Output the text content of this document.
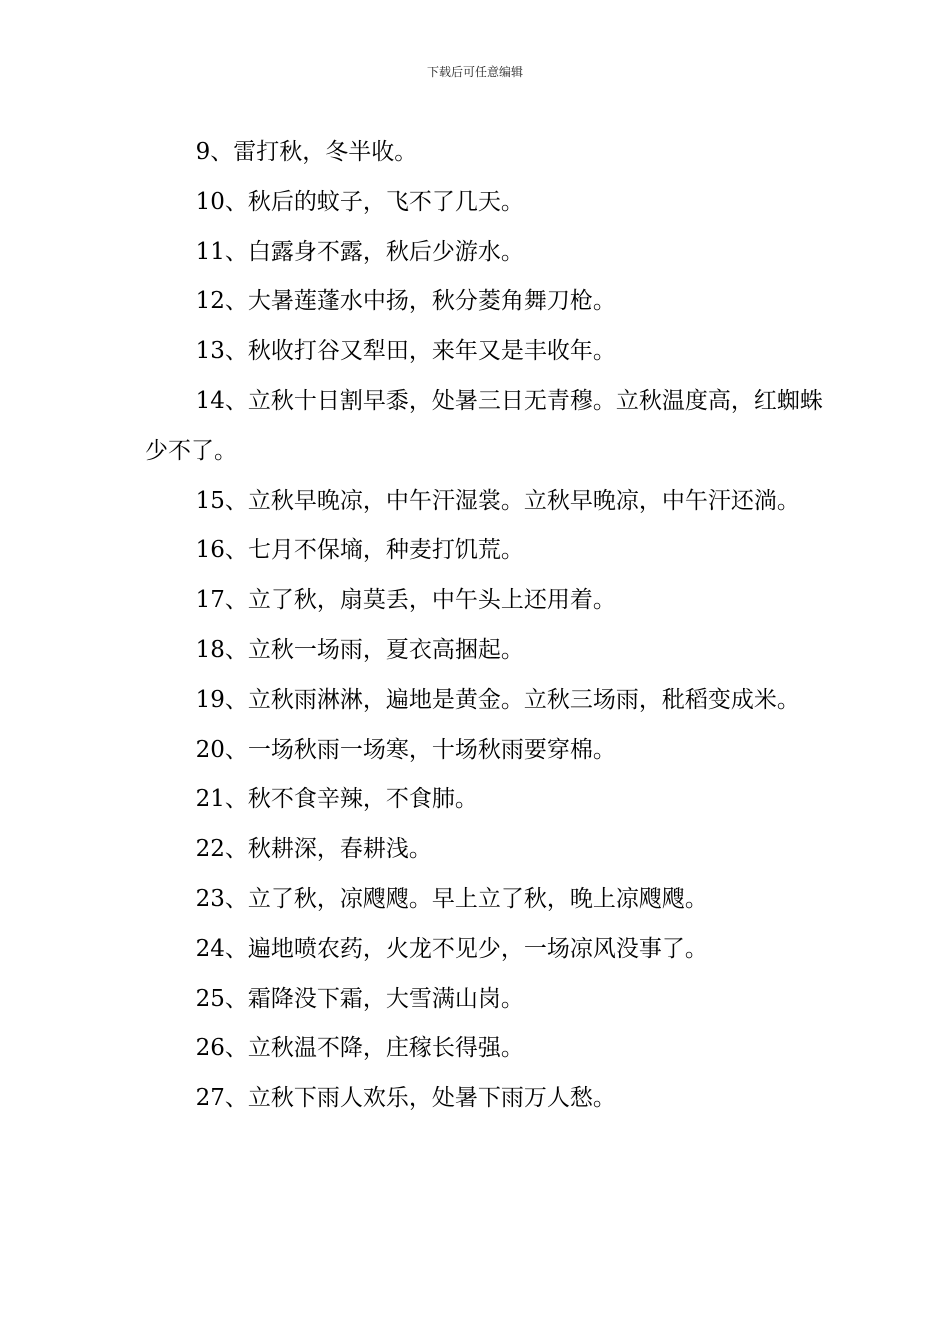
下载后可任意编辑

9、雷打秋，冬半收。

10、秋后的蚊子，飞不了几天。

11、白露身不露，秋后少游水。

12、大暑莲蓬水中扬，秋分菱角舞刀枪。

13、秋收打谷又犁田，来年又是丰收年。

14、立秋十日割早黍，处暑三日无青穆。立秋温度高，红蜘蛛少不了。

15、立秋早晚凉，中午汗湿裳。立秋早晚凉，中午汗还淌。

16、七月不保墒，种麦打饥荒。

17、立了秋，扇莫丢，中午头上还用着。

18、立秋一场雨，夏衣高捆起。

19、立秋雨淋淋，遍地是黄金。立秋三场雨，秕稻变成米。

20、一场秋雨一场寒，十场秋雨要穿棉。

21、秋不食辛辣，不食肺。

22、秋耕深，春耕浅。

23、立了秋，凉飕飕。早上立了秋，晚上凉飕飕。

24、遍地喷农药，火龙不见少，一场凉风没事了。

25、霜降没下霜，大雪满山岗。

26、立秋温不降，庄稼长得强。

27、立秋下雨人欢乐，处暑下雨万人愁。
